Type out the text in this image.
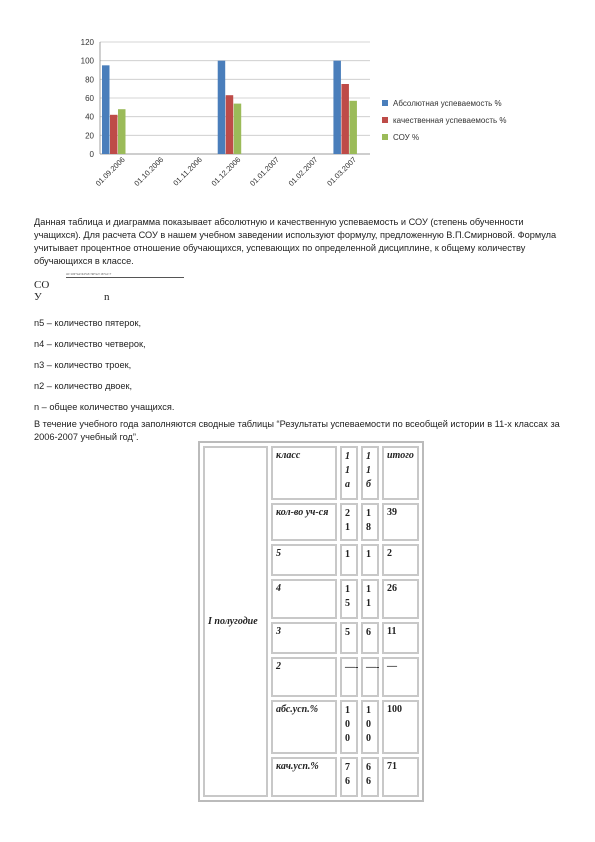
0
20
40
60
80
100
120
01.09.2006 01.10.2006 01.11.2006 01.12.2006 01.01.2007 01.02.2007 01.03.2007
Абсолютная успеваемость %
качественная успеваемость %
СОУ %

Данная таблица и диаграмма показывает абсолютную и качественную успеваемость и СОУ (степень обученности учащихся). Для расчета СОУ в нашем учебном заведении используют формулу, предложенную В.П.Смирновой. Формула учитывает процентное отношение обучающихся, успевающих по определенной дисциплине, к общему количеству обучающихся в классе.

СО
n5×100+n4×64+n3×36+n2×16+n1×7
У	n

n5 – количество пятерок,

n4 – количество четверок,

n3 – количество троек,

n2 – количество двоек,

n – общее количество учащихся.

В течение учебного года заполняются сводные таблицы “Результаты успеваемости по всеобщей истории в 11-х классах за 2006-2007 учебный год”.

I полугодие	класс	11а	11б	итого
	кол-во уч-ся	21	18	39
	5	1	1	2
	4	15	11	26
	3	5	6	11
	2	—-	—-	—
	абс.усп.%	100	100	100
	кач.усп.%	76	66	71
